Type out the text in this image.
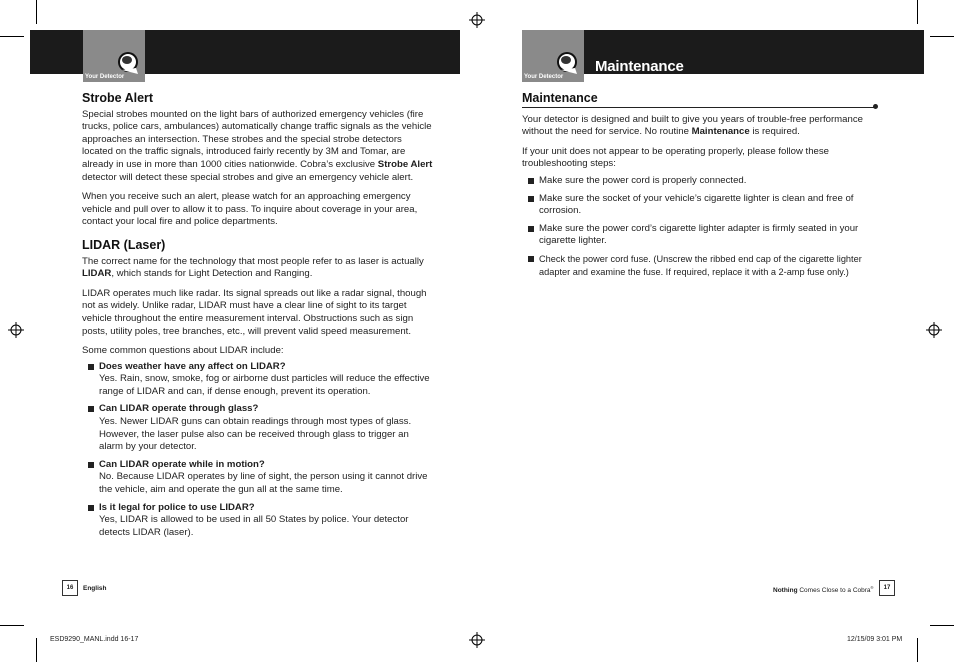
Your Detector	Your Detector
Maintenance
Strobe Alert

Special strobes mounted on the light bars of authorized emergency vehicles (fire trucks, police cars, ambulances) automatically change traffic signals as the vehicle approaches an intersection. These strobes and the special strobe detectors located on the traffic signals, introduced fairly recently by 3M and Tomar, are already in use in more than 1000 cities nationwide. Cobra’s exclusive Strobe Alert detector will detect these special strobes and give an emergency vehicle alert.

When you receive such an alert, please watch for an approaching emergency vehicle and pull over to allow it to pass. To inquire about coverage in your area, contact your local fire and police departments.

LIDAR (Laser)

The correct name for the technology that most people refer to as laser is actually LIDAR, which stands for Light Detection and Ranging.

LIDAR operates much like radar. Its signal spreads out like a radar signal, though not as widely. Unlike radar, LIDAR must have a clear line of sight to its target vehicle throughout the entire measurement interval. Obstructions such as sign posts, utility poles, tree branches, etc., will prevent valid speed measurement.

Some common questions about LIDAR include:

Does weather have any affect on LIDAR?
Yes. Rain, snow, smoke, fog or airborne dust particles will reduce the effective range of LIDAR and can, if dense enough, prevent its operation.
Can LIDAR operate through glass?
Yes. Newer LIDAR guns can obtain readings through most types of glass. However, the laser pulse also can be received through glass to trigger an alarm by your detector.
Can LIDAR operate while in motion?
No. Because LIDAR operates by line of sight, the person using it cannot drive the vehicle, aim and operate the gun all at the same time.
Is it legal for police to use LIDAR?
Yes, LIDAR is allowed to be used in all 50 States by police. Your detector detects LIDAR (laser).
Maintenance

Your detector is designed and built to give you years of trouble-free performance without the need for service. No routine Maintenance is required.

If your unit does not appear to be operating properly, please follow these troubleshooting steps:

Make sure the power cord is properly connected.
Make sure the socket of your vehicle’s cigarette lighter is clean and free of corrosion.
Make sure the power cord’s cigarette lighter adapter is firmly seated in your cigarette lighter.
Check the power cord fuse. (Unscrew the ribbed end cap of the cigarette lighter adapter and examine the fuse. If required, replace it with a 2-amp fuse only.)
16	English	Nothing Comes Close to a Cobra®	17
ESD9290_MANL.indd 16-17	12/15/09 3:01 PM
